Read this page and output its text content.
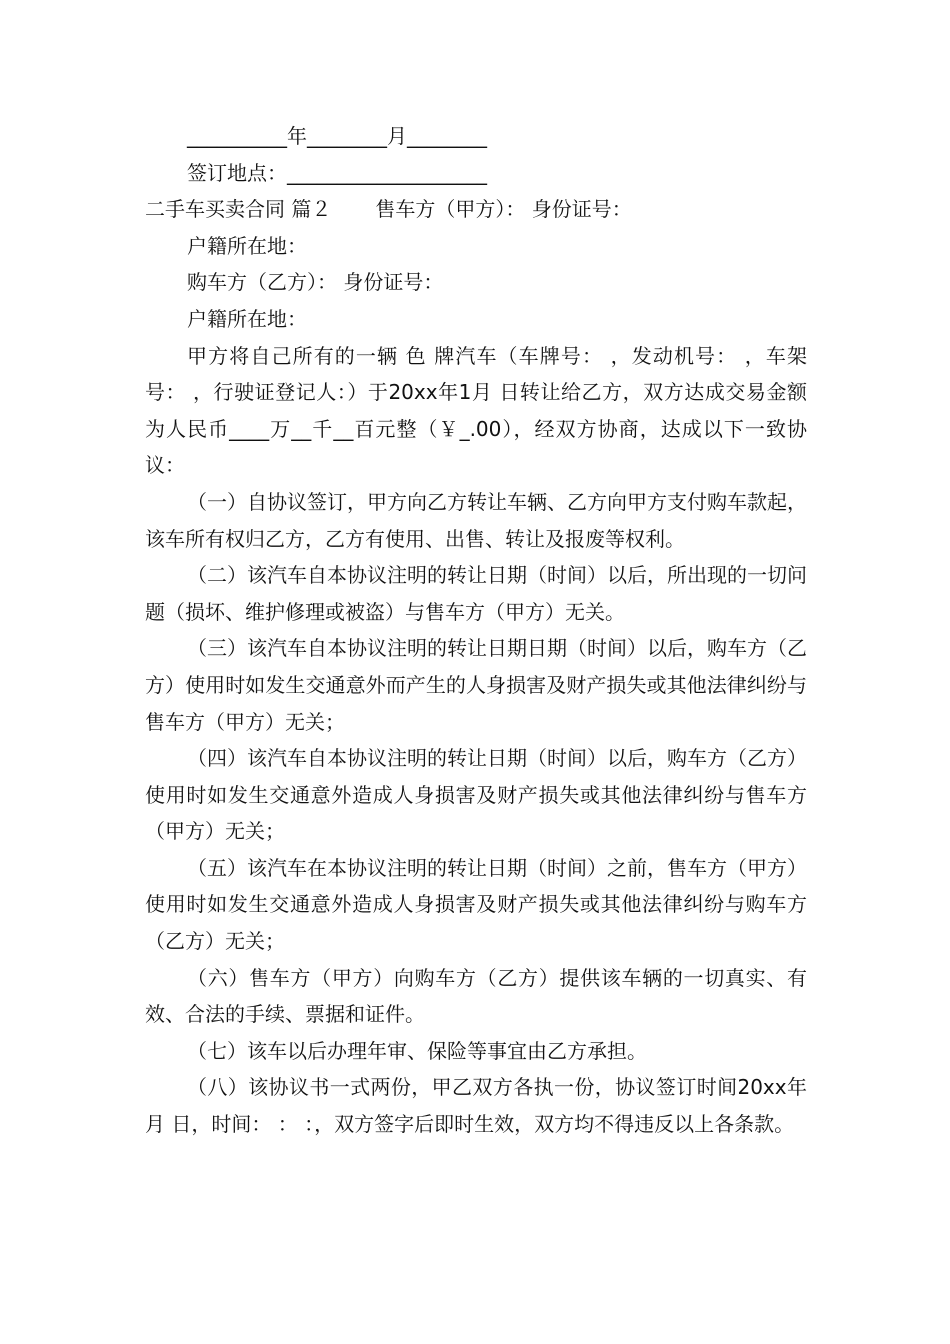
__________年________月________

签订地点：____________________

二手车买卖合同 篇２ 售车方（甲方）： 身份证号：

户籍所在地：

购车方（乙方）： 身份证号：

户籍所在地：

甲方将自己所有的一辆 色 牌汽车（车牌号： ，发动机号： ，车架号： ，行驶证登记人：）于20xx年1月 日转让给乙方，双方达成交易金额为人民币____万__千__百元整（￥_.00），经双方协商，达成以下一致协议：

（一）自协议签订，甲方向乙方转让车辆、乙方向甲方支付购车款起，该车所有权归乙方，乙方有使用、出售、转让及报废等权利。

（二）该汽车自本协议注明的转让日期（时间）以后，所出现的一切问题（损坏、维护修理或被盗）与售车方（甲方）无关。

（三）该汽车自本协议注明的转让日期日期（时间）以后，购车方（乙方）使用时如发生交通意外而产生的人身损害及财产损失或其他法律纠纷与售车方（甲方）无关；

（四）该汽车自本协议注明的转让日期（时间）以后，购车方（乙方）使用时如发生交通意外造成人身损害及财产损失或其他法律纠纷与售车方（甲方）无关；

（五）该汽车在本协议注明的转让日期（时间）之前，售车方（甲方）使用时如发生交通意外造成人身损害及财产损失或其他法律纠纷与购车方（乙方）无关；

（六）售车方（甲方）向购车方（乙方）提供该车辆的一切真实、有效、合法的手续、票据和证件。

（七）该车以后办理年审、保险等事宜由乙方承担。

（八）该协议书一式两份，甲乙双方各执一份，协议签订时间20xx年 月 日，时间： ： ：，双方签字后即时生效，双方均不得违反以上各条款。
